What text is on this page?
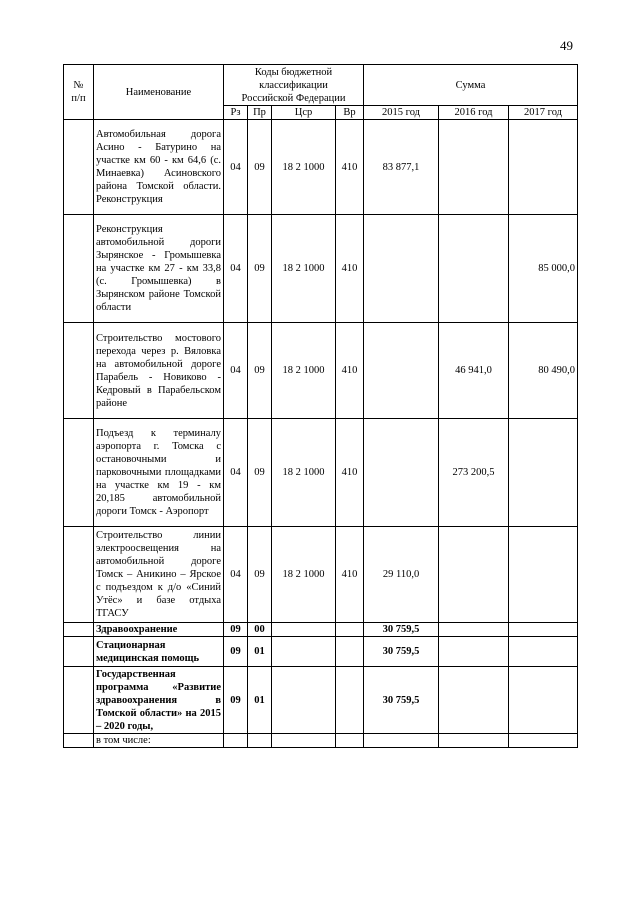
49
№
п/п	Наименование	Коды бюджетной
классификации
Российской Федерации				Сумма		
		Рз	Пр	Цср	Вр	2015 год	2016 год	2017 год
	Автомобильная дорога Асино - Батурино на участке км 60 - км 64,6 (с. Минаевка) Асиновского района Томской области. Реконструкция	04	09	18 2 1000	410	83 877,1		
	Реконструкция автомобильной дороги Зырянское - Громышевка на участке км 27 - км 33,8 (с. Громышевка) в Зырянском районе Томской области	04	09	18 2 1000	410			85 000,0
	Строительство мостового перехода через р. Вяловка на автомобильной дороге Парабель - Новиково - Кедровый в Парабельском районе	04	09	18 2 1000	410		46 941,0	80 490,0
	Подъезд к терминалу аэропорта г. Томска с остановочными и парковочными площадками на участке км 19 - км 20,185 автомобильной дороги Томск - Аэропорт	04	09	18 2 1000	410		273 200,5	
	Строительство линии электроосвещения на автомобильной дороге Томск – Аникино – Ярское с подъездом к д/о «Синий Утёс» и базе отдыха ТГАСУ	04	09	18 2 1000	410	29 110,0		
	Здравоохранение	09	00			30 759,5		
	Стационарная медицинская помощь	09	01			30 759,5		
	Государственная программа «Развитие здравоохранения в Томской области» на 2015 – 2020 годы,	09	01			30 759,5		
	в том числе:							
